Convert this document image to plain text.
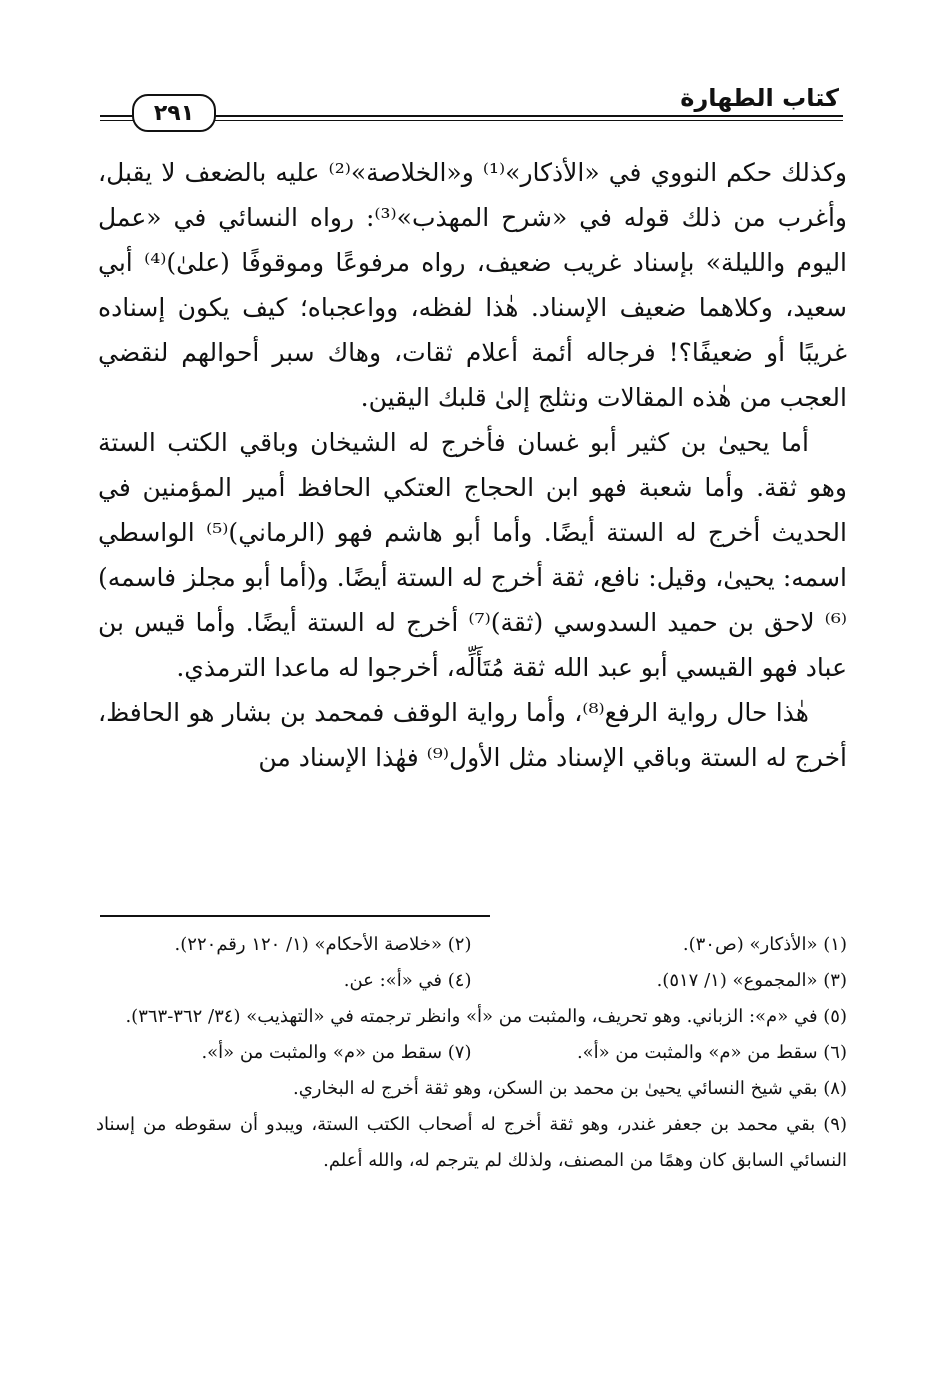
كتاب الطهارة
٢٩١

وكذلك حكم النووي في «الأذكار»⁽¹⁾ و«الخلاصة»⁽²⁾ عليه بالضعف لا يقبل، وأغرب من ذلك قوله في «شرح المهذب»⁽³⁾: رواه النسائي في «عمل اليوم والليلة» بإسناد غريب ضعيف، رواه مرفوعًا وموقوفًا (علىٰ)⁽⁴⁾ أبي سعيد، وكلاهما ضعيف الإسناد. هٰذا لفظه، وواعجباه؛ كيف يكون إسناده غريبًا أو ضعيفًا؟! فرجاله أئمة أعلام ثقات، وهاك سبر أحوالهم لنقضي العجب من هٰذه المقالات ونثلج إلىٰ قلبك اليقين.

أما يحيىٰ بن كثير أبو غسان فأخرج له الشيخان وباقي الكتب الستة وهو ثقة. وأما شعبة فهو ابن الحجاج العتكي الحافظ أمير المؤمنين في الحديث أخرج له الستة أيضًا. وأما أبو هاشم فهو (الرماني)⁽⁵⁾ الواسطي اسمه: يحيىٰ، وقيل: نافع، ثقة أخرج له الستة أيضًا. و(أما أبو مجلز فاسمه)⁽⁶⁾ لاحق بن حميد السدوسي (ثقة)⁽⁷⁾ أخرج له الستة أيضًا. وأما قيس بن عباد فهو القيسي أبو عبد الله ثقة مُتَأَلِّه، أخرجوا له ماعدا الترمذي.

هٰذا حال رواية الرفع⁽⁸⁾، وأما رواية الوقف فمحمد بن بشار هو الحافظ، أخرج له الستة وباقي الإسناد مثل الأول⁽⁹⁾ فهٰذا الإسناد من

(١) «الأذكار» (ص٣٠).
(٢) «خلاصة الأحكام» (١/ ١٢٠ رقم٢٢٠).
(٣) «المجموع» (١/ ٥١٧).
(٤) في «أ»: عن.
(٥) في «م»: الزباني. وهو تحريف، والمثبت من «أ» وانظر ترجمته في «التهذيب» (٣٤/ ٣٦٢-٣٦٣).
(٦) سقط من «م» والمثبت من «أ».
(٧) سقط من «م» والمثبت من «أ».
(٨) بقي شيخ النسائي يحيىٰ بن محمد بن السكن، وهو ثقة أخرج له البخاري.
(٩) بقي محمد بن جعفر غندر، وهو ثقة أخرج له أصحاب الكتب الستة، ويبدو أن سقوطه من إسناد النسائي السابق كان وهمًا من المصنف، ولذلك لم يترجم له، والله أعلم.
